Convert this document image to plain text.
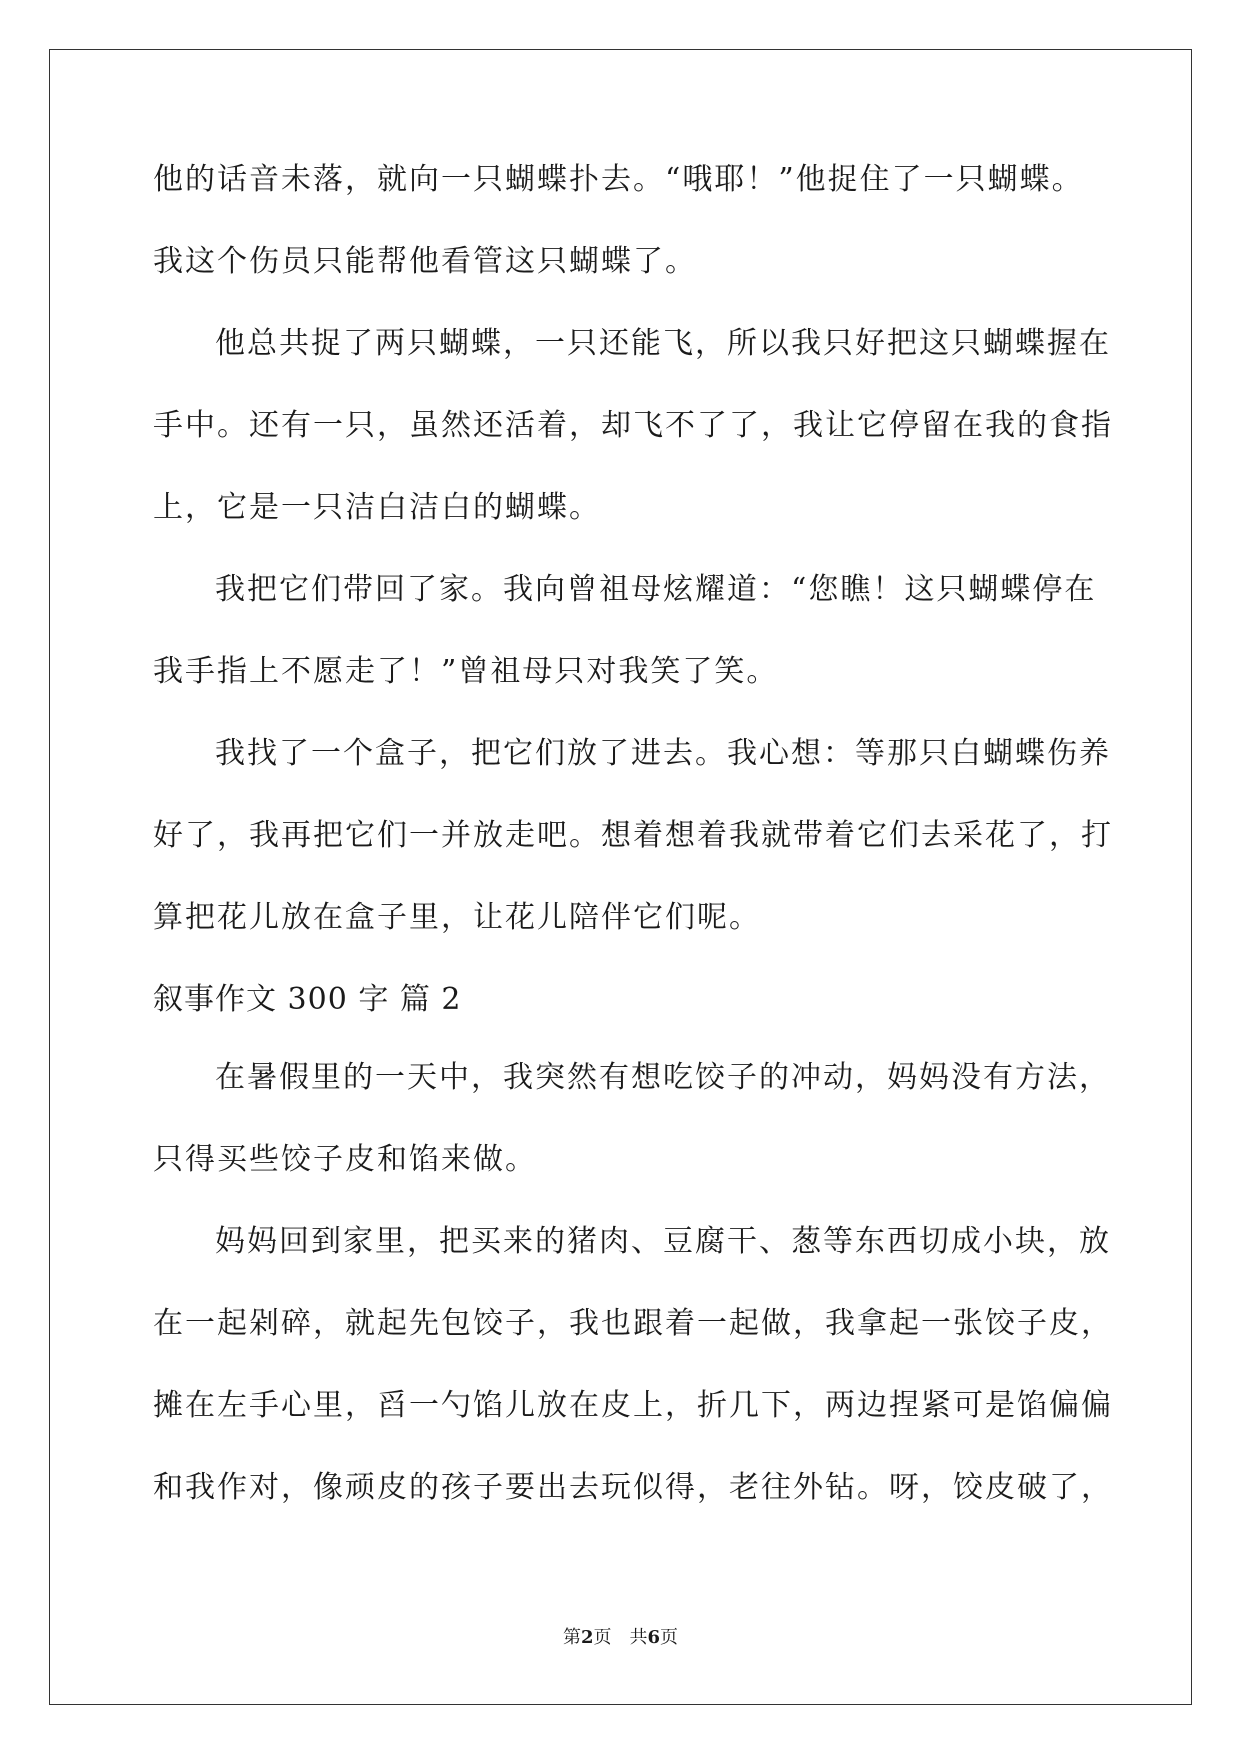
他的话音未落，就向一只蝴蝶扑去。“哦耶！”他捉住了一只蝴蝶。
我这个伤员只能帮他看管这只蝴蝶了。
他总共捉了两只蝴蝶，一只还能飞，所以我只好把这只蝴蝶握在
手中。还有一只，虽然还活着，却飞不了了，我让它停留在我的食指
上，它是一只洁白洁白的蝴蝶。
我把它们带回了家。我向曾祖母炫耀道：“您瞧！这只蝴蝶停在
我手指上不愿走了！”曾祖母只对我笑了笑。
我找了一个盒子，把它们放了进去。我心想：等那只白蝴蝶伤养
好了，我再把它们一并放走吧。想着想着我就带着它们去采花了，打
算把花儿放在盒子里，让花儿陪伴它们呢。
叙事作文 300 字 篇 2
在暑假里的一天中，我突然有想吃饺子的冲动，妈妈没有方法，
只得买些饺子皮和馅来做。
妈妈回到家里，把买来的猪肉、豆腐干、葱等东西切成小块，放
在一起剁碎，就起先包饺子，我也跟着一起做，我拿起一张饺子皮，
摊在左手心里，舀一勺馅儿放在皮上，折几下，两边捏紧可是馅偏偏
和我作对，像顽皮的孩子要出去玩似得，老往外钻。呀，饺皮破了，
第2页 共6页
